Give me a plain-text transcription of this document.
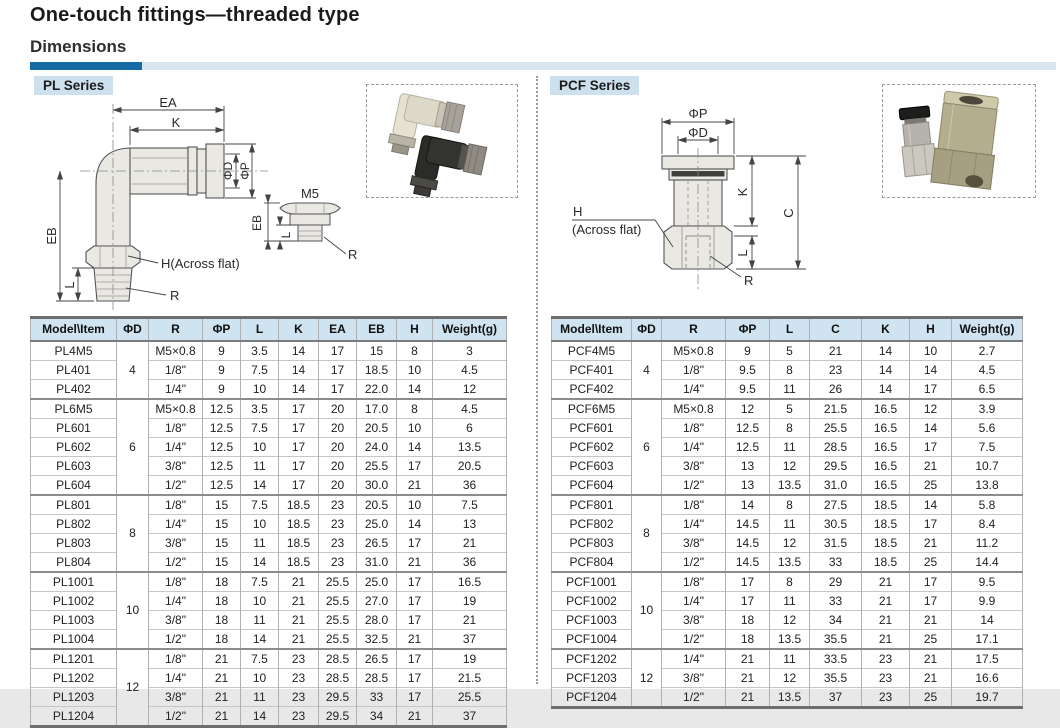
One-touch fittings—threaded type
Dimensions
PL Series	PCF Series
EA
K
ΦD ΦP
EB
L
H(Across flat)
R
M5
EB
L
R
ΦP
ΦD
K
L
C
H
(Across flat)
R
Model\Item	ΦD	R	ΦP	L	K	EA	EB	H	Weight(g)
PL4M5	4	M5×0.8	9	3.5	14	17	15	8	3
PL401		1/8"	9	7.5	14	17	18.5	10	4.5
PL402		1/4"	9	10	14	17	22.0	14	12
PL6M5	6	M5×0.8	12.5	3.5	17	20	17.0	8	4.5
PL601		1/8"	12.5	7.5	17	20	20.5	10	6
PL602		1/4"	12.5	10	17	20	24.0	14	13.5
PL603		3/8"	12.5	11	17	20	25.5	17	20.5
PL604		1/2"	12.5	14	17	20	30.0	21	36
PL801	8	1/8"	15	7.5	18.5	23	20.5	10	7.5
PL802		1/4"	15	10	18.5	23	25.0	14	13
PL803		3/8"	15	11	18.5	23	26.5	17	21
PL804		1/2"	15	14	18.5	23	31.0	21	36
PL1001	10	1/8"	18	7.5	21	25.5	25.0	17	16.5
PL1002		1/4"	18	10	21	25.5	27.0	17	19
PL1003		3/8"	18	11	21	25.5	28.0	17	21
PL1004		1/2"	18	14	21	25.5	32.5	21	37
PL1201	12	1/8"	21	7.5	23	28.5	26.5	17	19
PL1202		1/4"	21	10	23	28.5	28.5	17	21.5
PL1203		3/8"	21	11	23	29.5	33	17	25.5
PL1204		1/2"	21	14	23	29.5	34	21	37
Model\Item	ΦD	R	ΦP	L	C	K	H	Weight(g)
PCF4M5	4	M5×0.8	9	5	21	14	10	2.7
PCF401		1/8"	9.5	8	23	14	14	4.5
PCF402		1/4"	9.5	11	26	14	17	6.5
PCF6M5	6	M5×0.8	12	5	21.5	16.5	12	3.9
PCF601		1/8"	12.5	8	25.5	16.5	14	5.6
PCF602		1/4"	12.5	11	28.5	16.5	17	7.5
PCF603		3/8"	13	12	29.5	16.5	21	10.7
PCF604		1/2"	13	13.5	31.0	16.5	25	13.8
PCF801	8	1/8"	14	8	27.5	18.5	14	5.8
PCF802		1/4"	14.5	11	30.5	18.5	17	8.4
PCF803		3/8"	14.5	12	31.5	18.5	21	11.2
PCF804		1/2"	14.5	13.5	33	18.5	25	14.4
PCF1001	10	1/8"	17	8	29	21	17	9.5
PCF1002		1/4"	17	11	33	21	17	9.9
PCF1003		3/8"	18	12	34	21	21	14
PCF1004		1/2"	18	13.5	35.5	21	25	17.1
PCF1202	12	1/4"	21	11	33.5	23	21	17.5
PCF1203		3/8"	21	12	35.5	23	21	16.6
PCF1204		1/2"	21	13.5	37	23	25	19.7
